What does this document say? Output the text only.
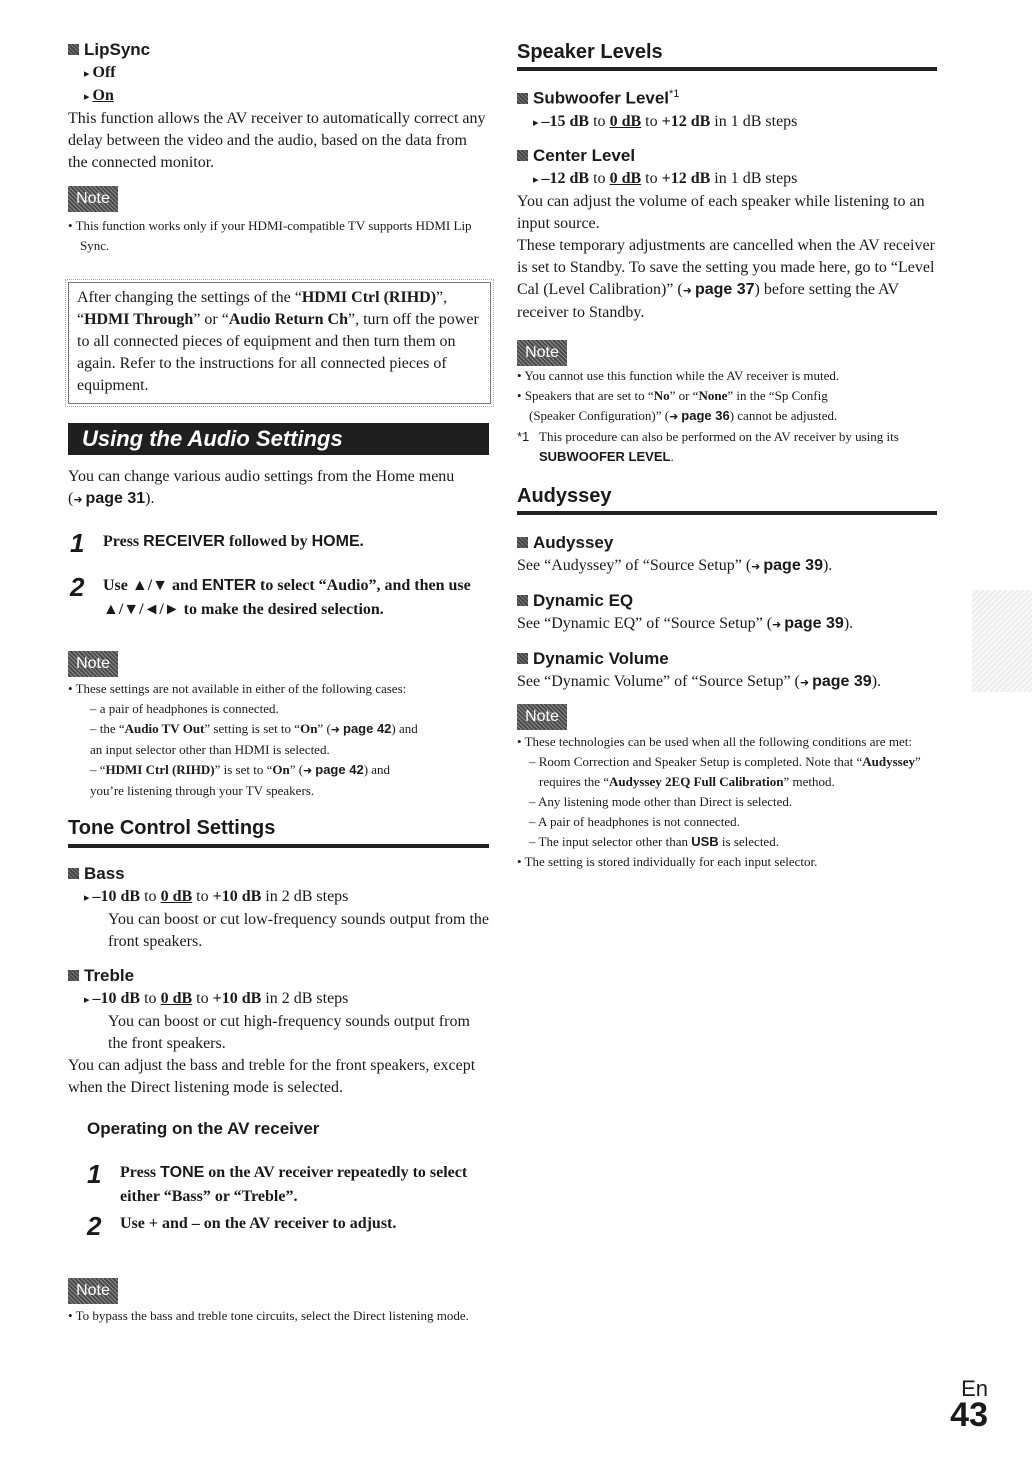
LipSync
▸ Off
▸ On
This function allows the AV receiver to automatically correct any delay between the video and the audio, based on the data from the connected monitor.
Note
• This function works only if your HDMI-compatible TV supports HDMI Lip Sync.
After changing the settings of the “HDMI Ctrl (RIHD)”, “HDMI Through” or “Audio Return Ch”, turn off the power to all connected pieces of equipment and then turn them on again. Refer to the instructions for all connected pieces of equipment.
Using the Audio Settings
You can change various audio settings from the Home menu (➜ page 31).
1 Press RECEIVER followed by HOME.
2 Use ▲/▼ and ENTER to select “Audio”, and then use ▲/▼/◄/► to make the desired selection.
Note
• These settings are not available in either of the following cases:
– a pair of headphones is connected.
– the “Audio TV Out” setting is set to “On” (➜ page 42) and
an input selector other than HDMI is selected.
– “HDMI Ctrl (RIHD)” is set to “On” (➜ page 42) and
you’re listening through your TV speakers.
Tone Control Settings
Bass
▸ –10 dB to 0 dB to +10 dB in 2 dB steps
You can boost or cut low-frequency sounds output from the front speakers.
Treble
▸ –10 dB to 0 dB to +10 dB in 2 dB steps
You can boost or cut high-frequency sounds output from the front speakers.
You can adjust the bass and treble for the front speakers, except when the Direct listening mode is selected.
Operating on the AV receiver
1 Press TONE on the AV receiver repeatedly to select either “Bass” or “Treble”.
2 Use + and – on the AV receiver to adjust.
Note
• To bypass the bass and treble tone circuits, select the Direct listening mode.
Speaker Levels
Subwoofer Level$^{*1}$
▸ –15 dB to 0 dB to +12 dB in 1 dB steps
Center Level
▸ –12 dB to 0 dB to +12 dB in 1 dB steps
You can adjust the volume of each speaker while listening to an input source.
These temporary adjustments are cancelled when the AV receiver is set to Standby. To save the setting you made here, go to “Level Cal (Level Calibration)” (➜ page 37) before setting the AV receiver to Standby.
Note
• You cannot use this function while the AV receiver is muted.
• Speakers that are set to “No” or “None” in the “Sp Config
(Speaker Configuration)” (➜ page 36) cannot be adjusted.
*1 This procedure can also be performed on the AV receiver by using its SUBWOOFER LEVEL.
Audyssey
Audyssey
See “Audyssey” of “Source Setup” (➜ page 39).
Dynamic EQ
See “Dynamic EQ” of “Source Setup” (➜ page 39).
Dynamic Volume
See “Dynamic Volume” of “Source Setup” (➜ page 39).
Note
• These technologies can be used when all the following conditions are met:
– Room Correction and Speaker Setup is completed. Note that “Audyssey” requires the “Audyssey 2EQ Full Calibration” method.
– Any listening mode other than Direct is selected.
– A pair of headphones is not connected.
– The input selector other than USB is selected.
• The setting is stored individually for each input selector.
En
43
